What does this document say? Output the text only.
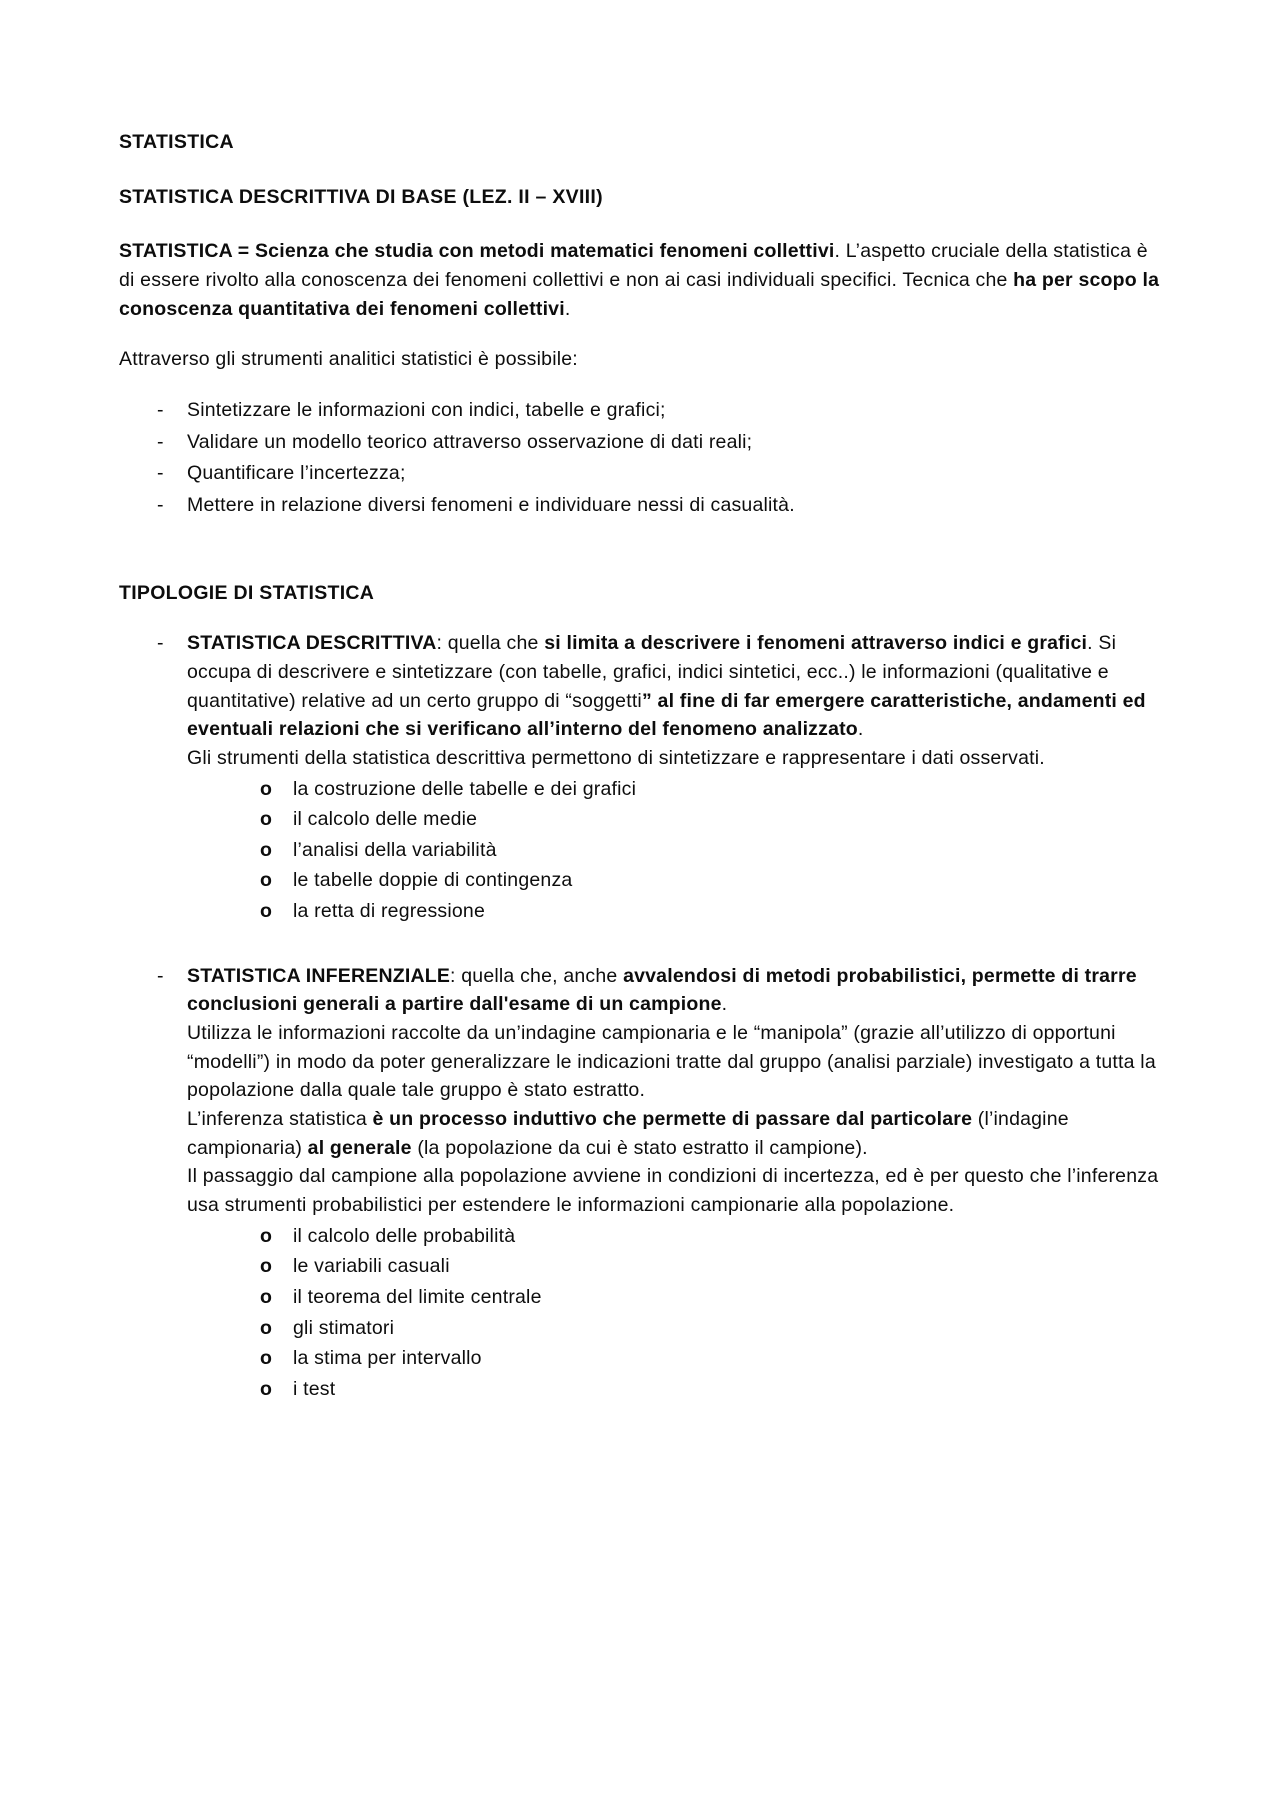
STATISTICA
STATISTICA DESCRITTIVA DI BASE (LEZ. II – XVIII)

STATISTICA = Scienza che studia con metodi matematici fenomeni collettivi. L’aspetto cruciale della statistica è di essere rivolto alla conoscenza dei fenomeni collettivi e non ai casi individuali specifici. Tecnica che ha per scopo la conoscenza quantitativa dei fenomeni collettivi.

Attraverso gli strumenti analitici statistici è possibile:

- Sintetizzare le informazioni con indici, tabelle e grafici;
- Validare un modello teorico attraverso osservazione di dati reali;
- Quantificare l’incertezza;
- Mettere in relazione diversi fenomeni e individuare nessi di casualità.
TIPOLOGIE DI STATISTICA
- STATISTICA DESCRITTIVA: quella che si limita a descrivere i fenomeni attraverso indici e grafici. Si occupa di descrivere e sintetizzare (con tabelle, grafici, indici sintetici, ecc..) le informazioni (qualitative e quantitative) relative ad un certo gruppo di “soggetti” al fine di far emergere caratteristiche, andamenti ed eventuali relazioni che si verificano all’interno del fenomeno analizzato.
Gli strumenti della statistica descrittiva permettono di sintetizzare e rappresentare i dati osservati.
o la costruzione delle tabelle e dei grafici
o il calcolo delle medie
o l’analisi della variabilità
o le tabelle doppie di contingenza
o la retta di regressione
- STATISTICA INFERENZIALE: quella che, anche avvalendosi di metodi probabilistici, permette di trarre conclusioni generali a partire dall'esame di un campione.
Utilizza le informazioni raccolte da un’indagine campionaria e le “manipola” (grazie all’utilizzo di opportuni “modelli”) in modo da poter generalizzare le indicazioni tratte dal gruppo (analisi parziale) investigato a tutta la popolazione dalla quale tale gruppo è stato estratto.
L’inferenza statistica è un processo induttivo che permette di passare dal particolare (l’indagine campionaria) al generale (la popolazione da cui è stato estratto il campione).
Il passaggio dal campione alla popolazione avviene in condizioni di incertezza, ed è per questo che l’inferenza usa strumenti probabilistici per estendere le informazioni campionarie alla popolazione.
o il calcolo delle probabilità
o le variabili casuali
o il teorema del limite centrale
o gli stimatori
o la stima per intervallo
o i test
